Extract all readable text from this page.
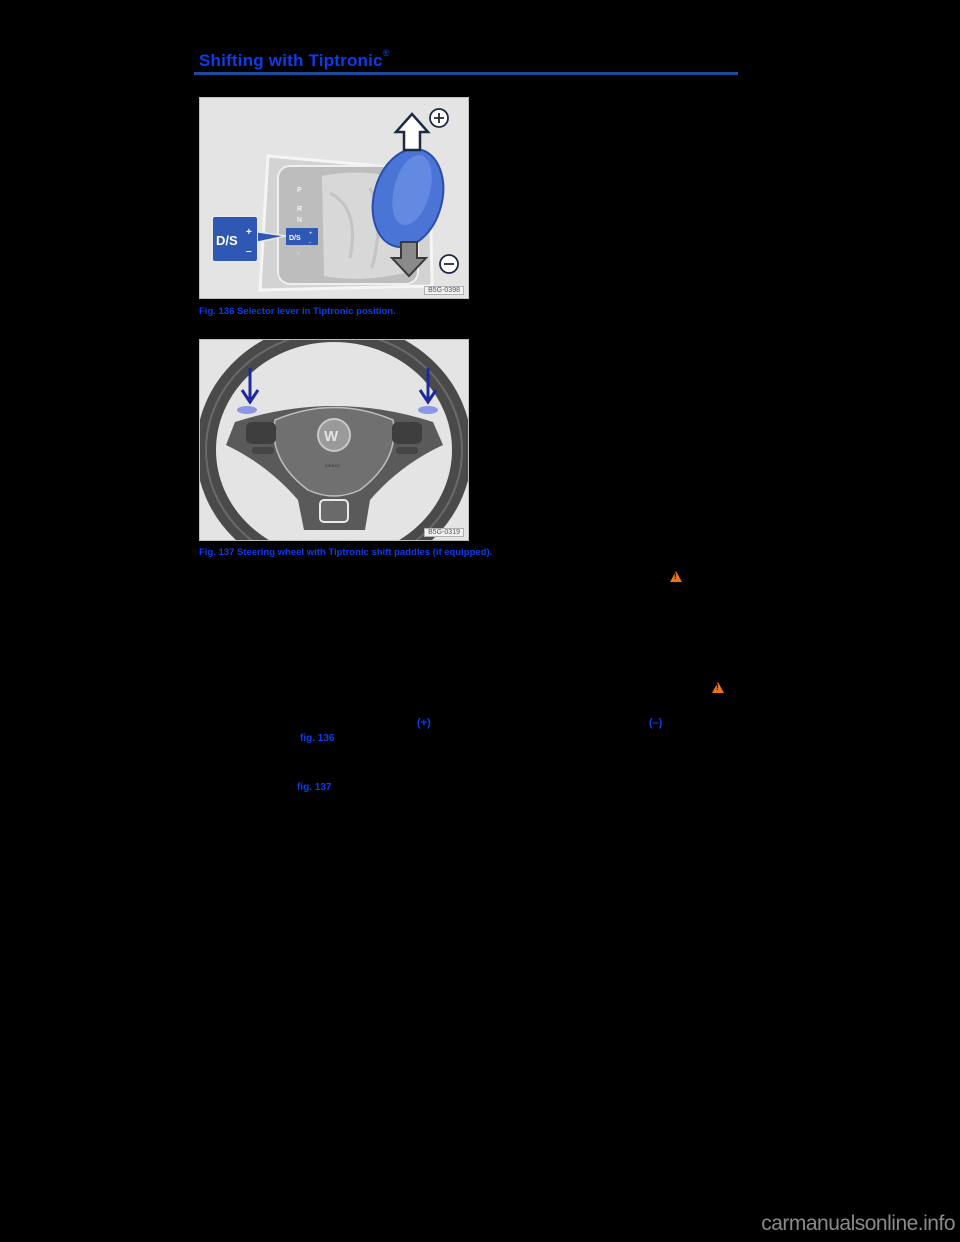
Shifting with Tiptronic®
P
R
N
D/S
+
-
▿
D/S
+
–
B5G-0398
Fig. 136 Selector lever in Tiptronic position.
W
AIRBAG
B5G-0319
Fig. 137 Steering wheel with Tiptronic shift paddles (if equipped).
!
!
(+)	(–)
fig. 136
fig. 137
carmanualsonline.info
